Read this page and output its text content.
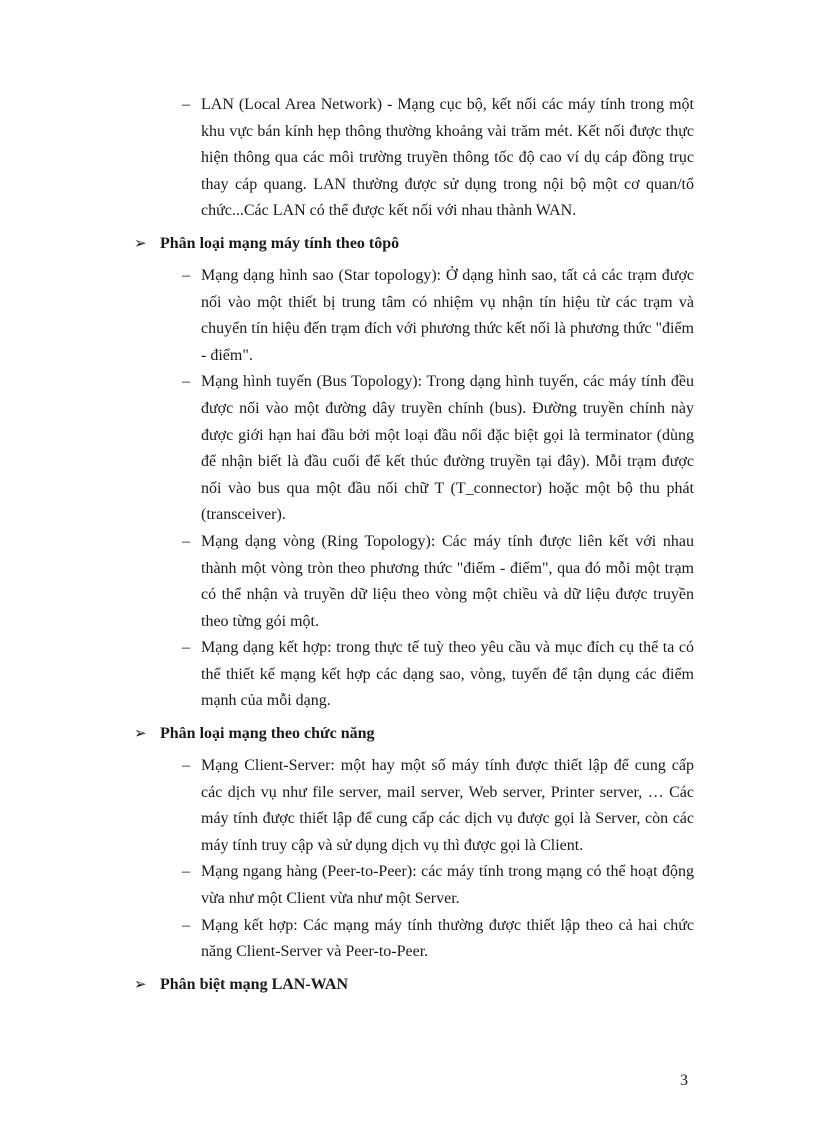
– LAN (Local Area Network) - Mạng cục bộ, kết nối các máy tính trong một khu vực bán kính hẹp thông thường khoảng vài trăm mét. Kết nối được thực hiện thông qua các môi trường truyền thông tốc độ cao ví dụ cáp đồng trục thay cáp quang. LAN thường được sử dụng trong nội bộ một cơ quan/tổ chức...Các LAN có thể được kết nối với nhau thành WAN.
➢ Phân loại mạng máy tính theo tôpô
– Mạng dạng hình sao (Star topology): Ở dạng hình sao, tất cả các trạm được nối vào một thiết bị trung tâm có nhiệm vụ nhận tín hiệu từ các trạm và chuyển tín hiệu đến trạm đích với phương thức kết nối là phương thức "điểm - điểm".
– Mạng hình tuyến (Bus Topology): Trong dạng hình tuyến, các máy tính đều được nối vào một đường dây truyền chính (bus). Đường truyền chính này được giới hạn hai đầu bởi một loại đầu nối đặc biệt gọi là terminator (dùng để nhận biết là đầu cuối để kết thúc đường truyền tại đây). Mỗi trạm được nối vào bus qua một đầu nối chữ T (T_connector) hoặc một bộ thu phát (transceiver).
– Mạng dạng vòng (Ring Topology): Các máy tính được liên kết với nhau thành một vòng tròn theo phương thức "điểm - điểm", qua đó mỗi một trạm có thể nhận và truyền dữ liệu theo vòng một chiều và dữ liệu được truyền theo từng gói một.
– Mạng dạng kết hợp: trong thực tế tuỳ theo yêu cầu và mục đích cụ thể ta có thể thiết kế mạng kết hợp các dạng sao, vòng, tuyến để tận dụng các điểm mạnh của mỗi dạng.
➢ Phân loại mạng theo chức năng
– Mạng Client-Server: một hay một số máy tính được thiết lập để cung cấp các dịch vụ như file server, mail server, Web server, Printer server, … Các máy tính được thiết lập để cung cấp các dịch vụ được gọi là Server, còn các máy tính truy cập và sử dụng dịch vụ thì được gọi là Client.
– Mạng ngang hàng (Peer-to-Peer): các máy tính trong mạng có thể hoạt động vừa như một Client vừa như một Server.
– Mạng kết hợp: Các mạng máy tính thường được thiết lập theo cả hai chức năng Client-Server và Peer-to-Peer.
➢ Phân biệt mạng LAN-WAN
3
